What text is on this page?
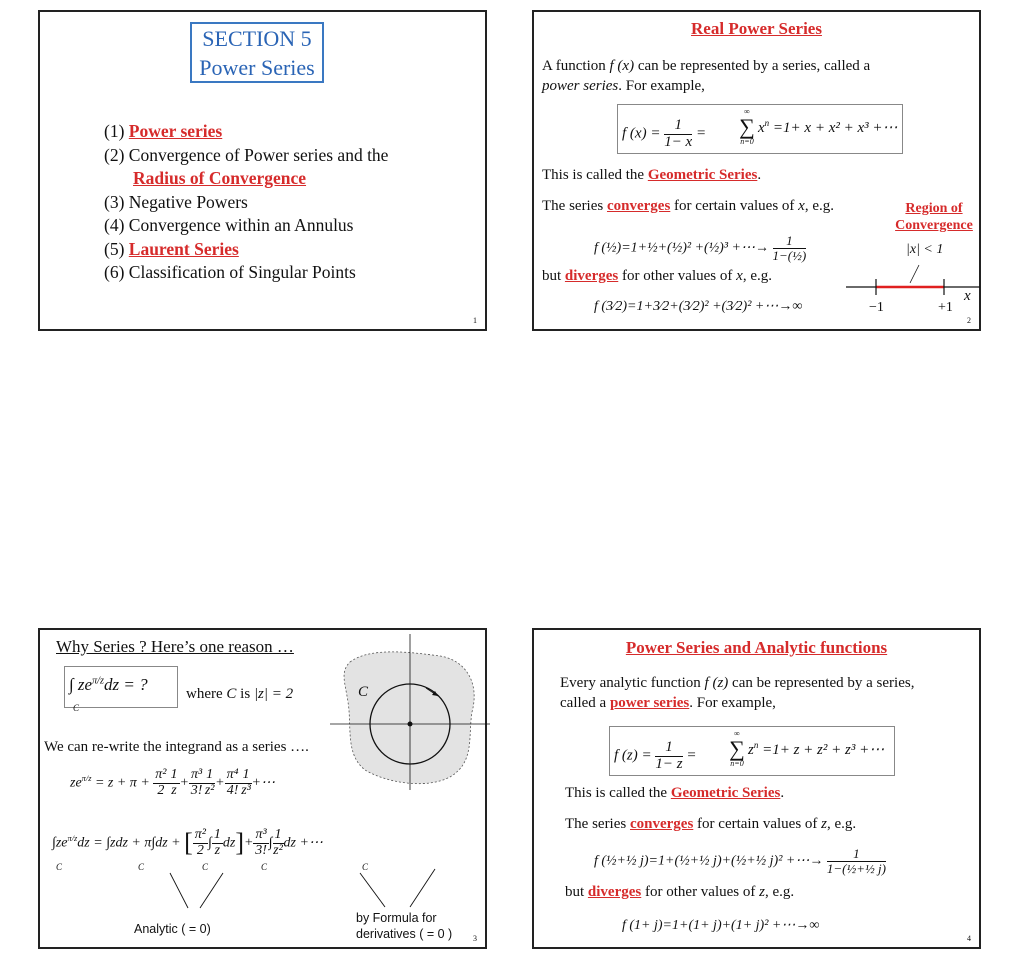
SECTION 5
Power Series
(1) Power series
(2) Convergence of Power series and the
Radius of Convergence
(3) Negative Powers
(4) Convergence within an Annulus
(5) Laurent Series
(6) Classification of Singular Points
1
Real Power Series
A function f (x) can be represented by a series, called a
power series. For example,
f $(x) = \frac{1}{1- x}$ =
∞
∑
n=0
$x^n =1+ x + x^2 + x^3$ +⋯
This is called the Geometric Series.
The series converges for certain values of x, e.g.	Region of
Convergence
|x| < 1
f (½)=1+½+(½)² +(½)³ +⋯→ $\frac{1}{\text{1−(½)}}$
but diverges for other values of x, e.g.
f (3⁄2)=1+3⁄2+(3⁄2)² +(3⁄2)² +⋯→∞
x
−1	+1
2
Why Series ? Here’s one reason …
∫ $ze^{\pi/z}dz$ = ?
C
where C is |z| = 2	C
We can re-write the integrand as a series ….
$ze^{\pi/z} = z + \pi + \frac{\text{π²}}{2} \frac{1}{z} + \frac{\text{π³}}{3!} \frac{1}{\text{z²}} + \frac{\text{π⁴}}{4!} \frac{1}{\text{z³}}$ +⋯
$\int ze^{\pi/z}dz = \int zdz + \pi\int dz$ + [ $\frac{\text{π²}}{2}$ ∫ $\frac{1}{z} dz]+ \frac{\text{π³}}{3!}$ ∫ $\frac{1}{\text{z²}}$ dz +⋯
C	C	C	C	C
Analytic ( = 0)
by Formula for
derivatives ( = 0 )	3
Power Series and Analytic functions
Every analytic function f (z) can be represented by a series,
called a power series. For example,
f $(z) = \frac{1}{1- z}$ =
∞
∑
n=0
$z^n =1+ z + z^2 + z^3$ +⋯
This is called the Geometric Series.
The series converges for certain values of z, e.g.
f (½+½ j)=1+(½+½ j)+(½+½ j)² +⋯→ $\frac{1}{\text{1−(½+½ j)}}$
but diverges for other values of z, e.g.
f (1+ j)=1+(1+ j)+(1+ j)² +⋯→∞
4
